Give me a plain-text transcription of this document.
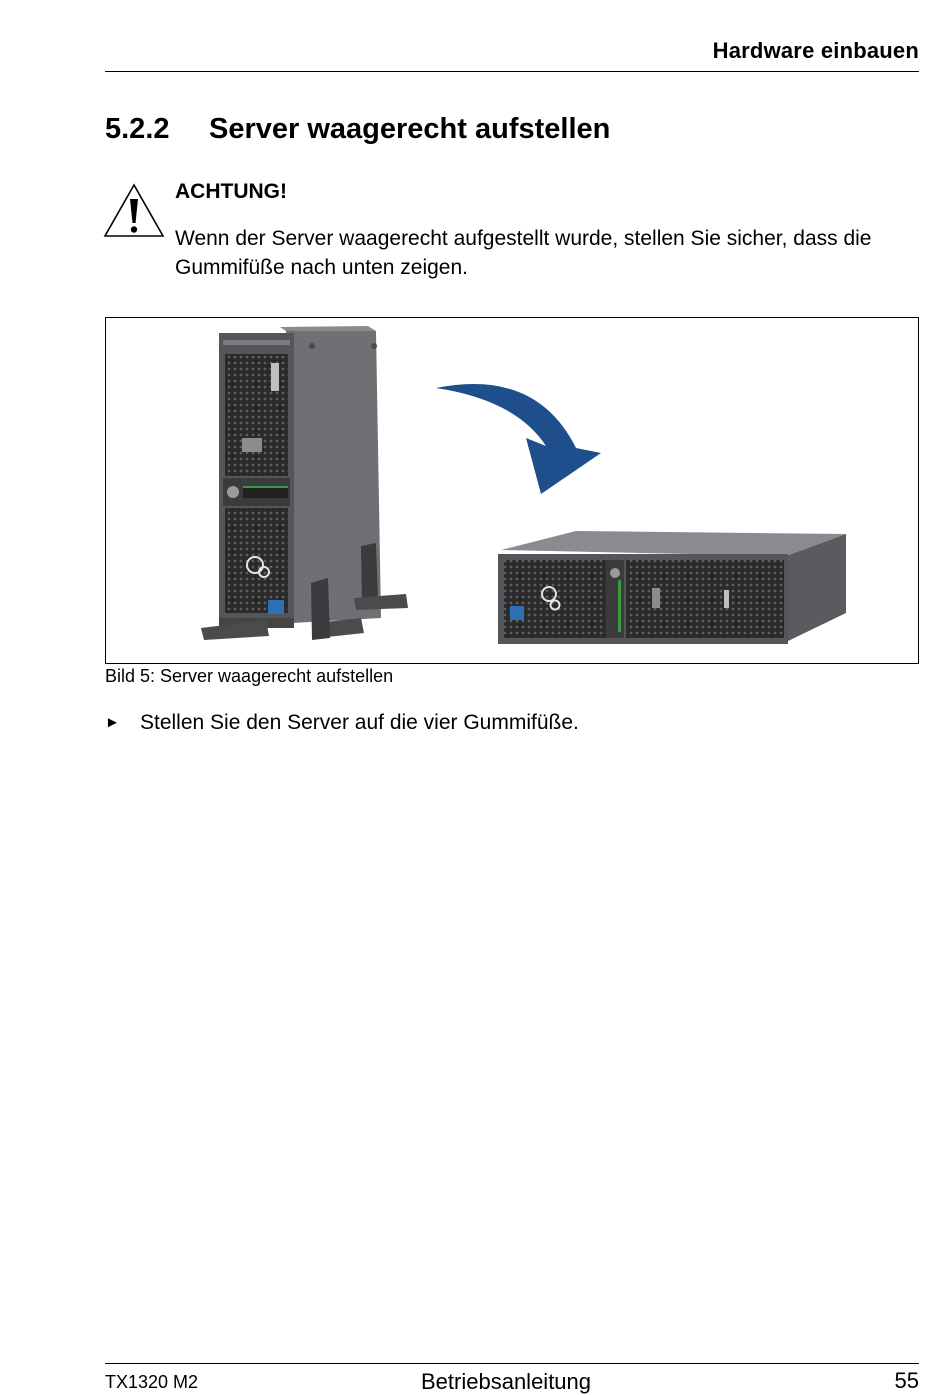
Hardware einbauen
5.2.2 Server waagerecht aufstellen
ACHTUNG!
Wenn der Server waagerecht aufgestellt wurde, stellen Sie sicher, dass die Gummifüße nach unten zeigen.
Bild 5: Server waagerecht aufstellen
► Stellen Sie den Server auf die vier Gummifüße.
TX1320 M2	Betriebsanleitung	55
